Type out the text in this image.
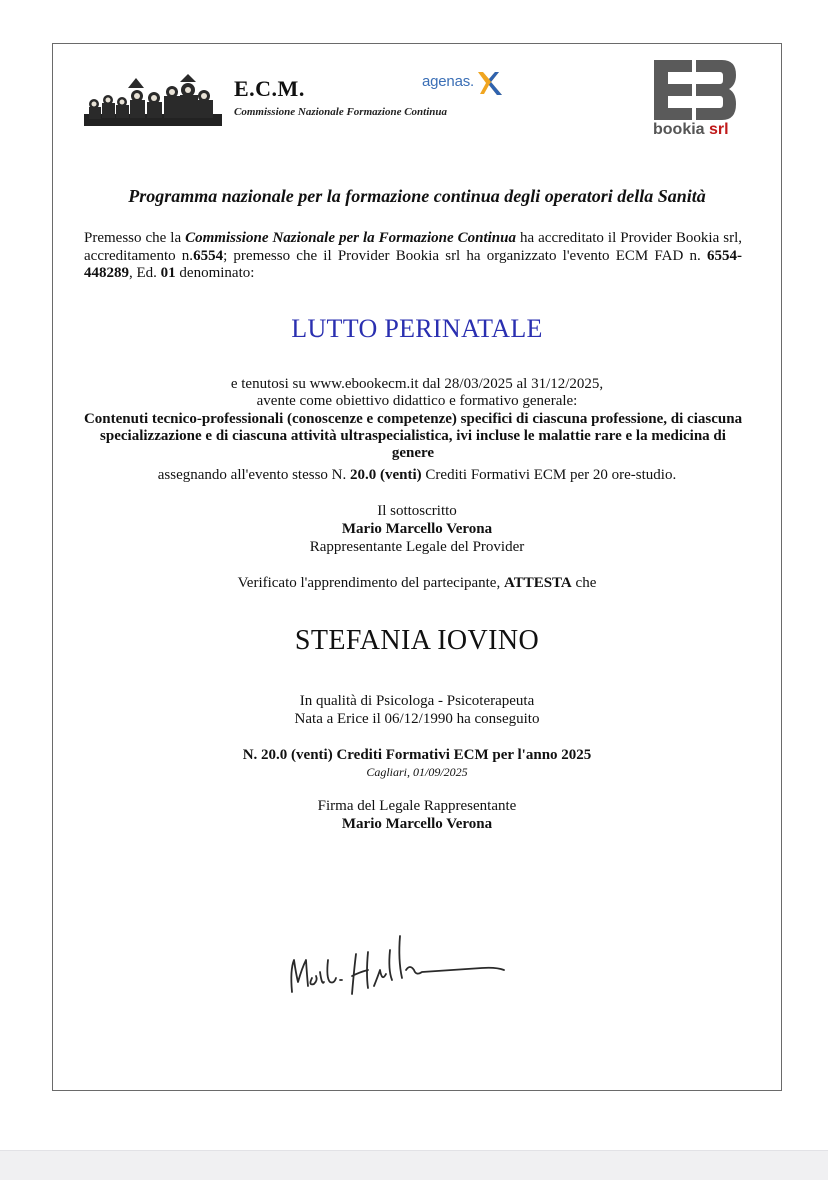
E.C.M.
Commissione Nazionale Formazione Continua
agenas.
bookia srl
Programma nazionale per la formazione continua degli operatori della Sanità
Premesso che la Commissione Nazionale per la Formazione Continua ha accreditato il Provider Bookia srl, accreditamento n.6554; premesso che il Provider Bookia srl ha organizzato l'evento ECM FAD n. 6554-448289, Ed. 01 denominato:
LUTTO PERINATALE
e tenutosi su www.ebookecm.it dal 28/03/2025 al 31/12/2025,
avente come obiettivo didattico e formativo generale:
Contenuti tecnico-professionali (conoscenze e competenze) specifici di ciascuna professione, di ciascuna specializzazione e di ciascuna attività ultraspecialistica, ivi incluse le malattie rare e la medicina di genere
assegnando all'evento stesso N. 20.0 (venti) Crediti Formativi ECM per 20 ore-studio.
Il sottoscritto
Mario Marcello Verona
Rappresentante Legale del Provider
Verificato l'apprendimento del partecipante, ATTESTA che
STEFANIA IOVINO
In qualità di Psicologa - Psicoterapeuta
Nata a Erice il 06/12/1990 ha conseguito
N. 20.0 (venti) Crediti Formativi ECM per l'anno 2025
Cagliari, 01/09/2025
Firma del Legale Rappresentante
Mario Marcello Verona
